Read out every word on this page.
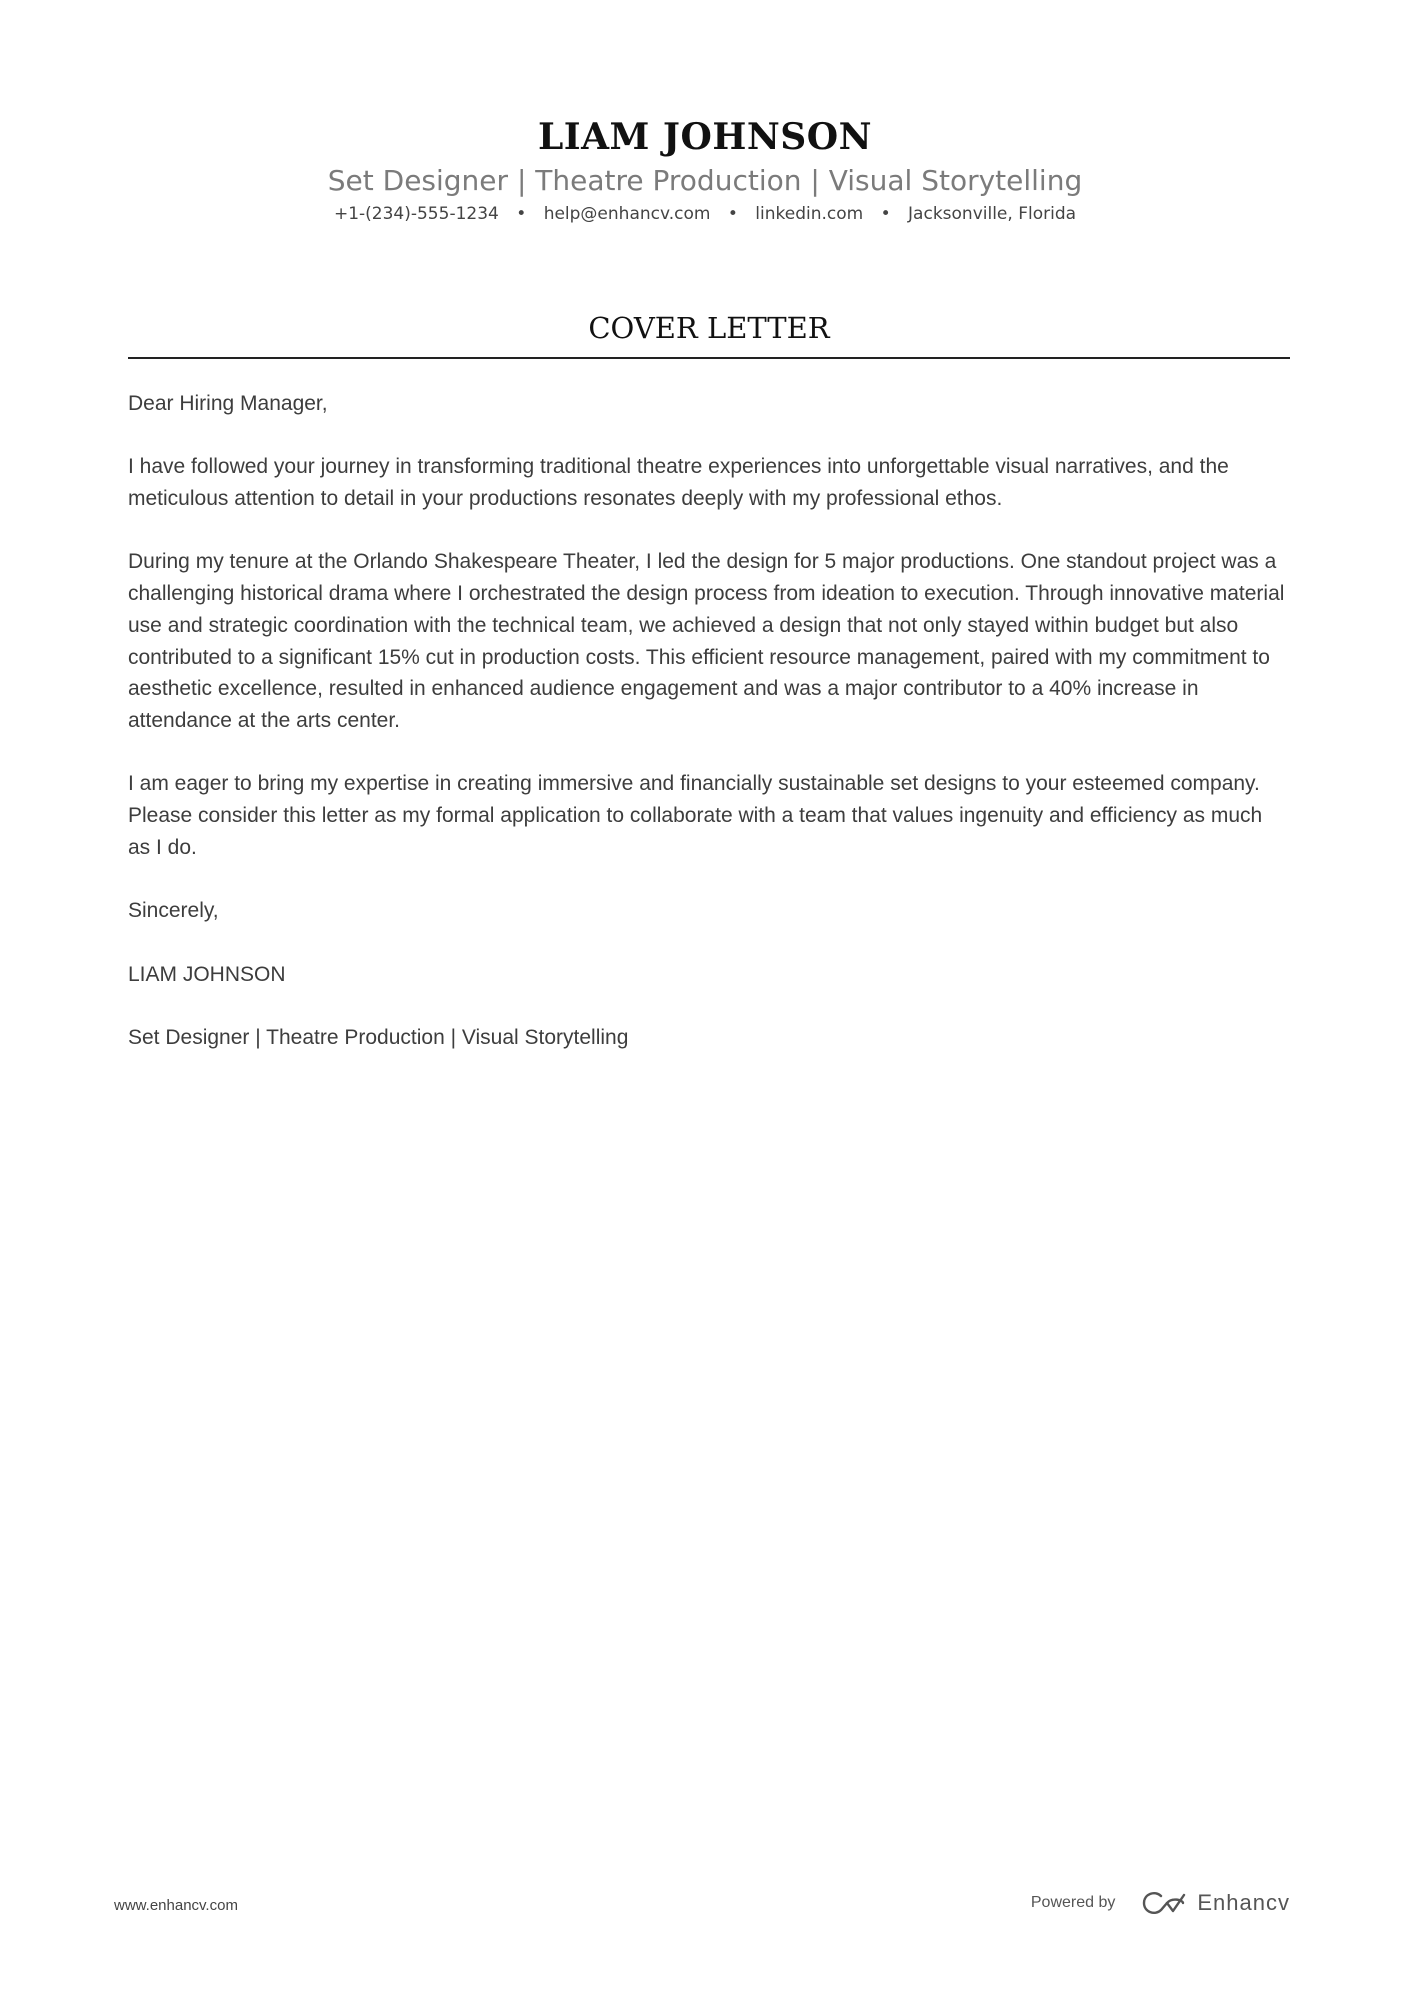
LIAM JOHNSON
Set Designer | Theatre Production | Visual Storytelling
+1-(234)-555-1234 • help@enhancv.com • linkedin.com • Jacksonville, Florida
COVER LETTER

Dear Hiring Manager,

I have followed your journey in transforming traditional theatre experiences into unforgettable visual narratives, and the meticulous attention to detail in your productions resonates deeply with my professional ethos.

During my tenure at the Orlando Shakespeare Theater, I led the design for 5 major productions. One standout project was a challenging historical drama where I orchestrated the design process from ideation to execution. Through innovative material use and strategic coordination with the technical team, we achieved a design that not only stayed within budget but also contributed to a significant 15% cut in production costs. This efficient resource management, paired with my commitment to aesthetic excellence, resulted in enhanced audience engagement and was a major contributor to a 40% increase in attendance at the arts center.

I am eager to bring my expertise in creating immersive and financially sustainable set designs to your esteemed company. Please consider this letter as my formal application to collaborate with a team that values ingenuity and efficiency as much as I do.

Sincerely,

LIAM JOHNSON

Set Designer | Theatre Production | Visual Storytelling

www.enhancv.com	Powered by	Enhancv
